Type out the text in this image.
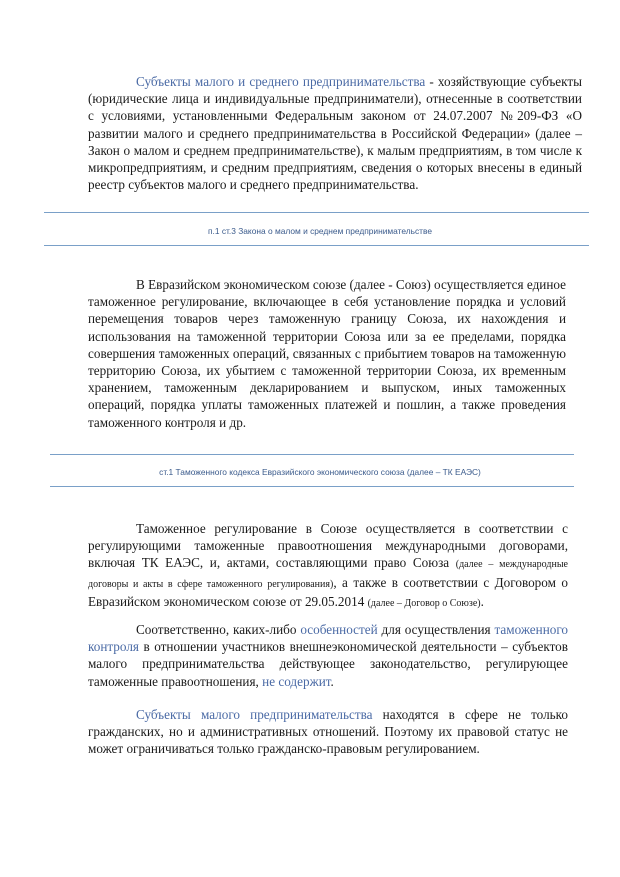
Субъекты малого и среднего предпринимательства - хозяйствующие субъекты (юридические лица и индивидуальные предприниматели), отнесенные в соответствии с условиями, установленными Федеральным законом от 24.07.2007 №209-ФЗ «О развитии малого и среднего предпринимательства в Российской Федерации» (далее – Закон о малом и среднем предпринимательстве), к малым предприятиям, в том числе к микропредприятиям, и средним предприятиям, сведения о которых внесены в единый реестр субъектов малого и среднего предпринимательства.
п.1 ст.3 Закона о малом и среднем предпринимательстве
В Евразийском экономическом союзе (далее - Союз) осуществляется единое таможенное регулирование, включающее в себя установление порядка и условий перемещения товаров через таможенную границу Союза, их нахождения и использования на таможенной территории Союза или за ее пределами, порядка совершения таможенных операций, связанных с прибытием товаров на таможенную территорию Союза, их убытием с таможенной территории Союза, их временным хранением, таможенным декларированием и выпуском, иных таможенных операций, порядка уплаты таможенных платежей и пошлин, а также проведения таможенного контроля и др.
ст.1 Таможенного кодекса Евразийского экономического союза (далее – ТК ЕАЭС)
Таможенное регулирование в Союзе осуществляется в соответствии с регулирующими таможенные правоотношения международными договорами, включая ТК ЕАЭС, и, актами, составляющими право Союза (далее – международные договоры и акты в сфере таможенного регулирования), а также в соответствии с Договором о Евразийском экономическом союзе от 29.05.2014 (далее – Договор о Союзе).
Соответственно, каких-либо особенностей для осуществления таможенного контроля в отношении участников внешнеэкономической деятельности – субъектов малого предпринимательства действующее законодательство, регулирующее таможенные правоотношения, не содержит.
Субъекты малого предпринимательства находятся в сфере не только гражданских, но и административных отношений. Поэтому их правовой статус не может ограничиваться только гражданско-правовым регулированием.
